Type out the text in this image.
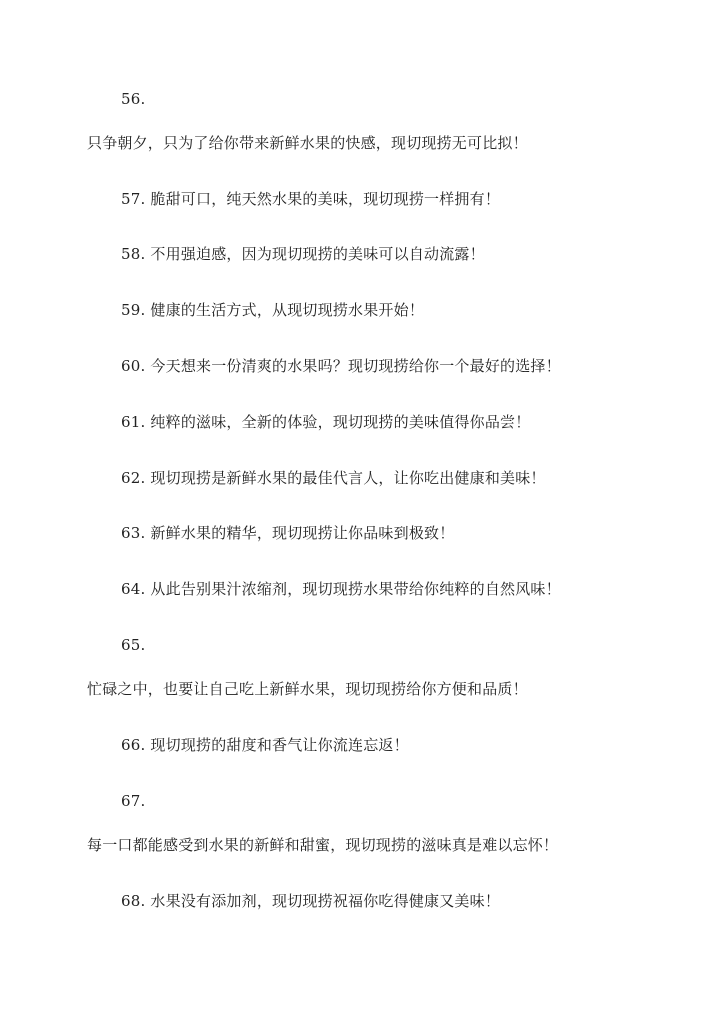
56.
只争朝夕，只为了给你带来新鲜水果的快感，现切现捞无可比拟！
57. 脆甜可口，纯天然水果的美味，现切现捞一样拥有！
58. 不用强迫感，因为现切现捞的美味可以自动流露！
59. 健康的生活方式，从现切现捞水果开始！
60. 今天想来一份清爽的水果吗？现切现捞给你一个最好的选择！
61. 纯粹的滋味，全新的体验，现切现捞的美味值得你品尝！
62. 现切现捞是新鲜水果的最佳代言人，让你吃出健康和美味！
63. 新鲜水果的精华，现切现捞让你品味到极致！
64. 从此告别果汁浓缩剂，现切现捞水果带给你纯粹的自然风味！
65.
忙碌之中，也要让自己吃上新鲜水果，现切现捞给你方便和品质！
66. 现切现捞的甜度和香气让你流连忘返！
67.
每一口都能感受到水果的新鲜和甜蜜，现切现捞的滋味真是难以忘怀！
68. 水果没有添加剂，现切现捞祝福你吃得健康又美味！
